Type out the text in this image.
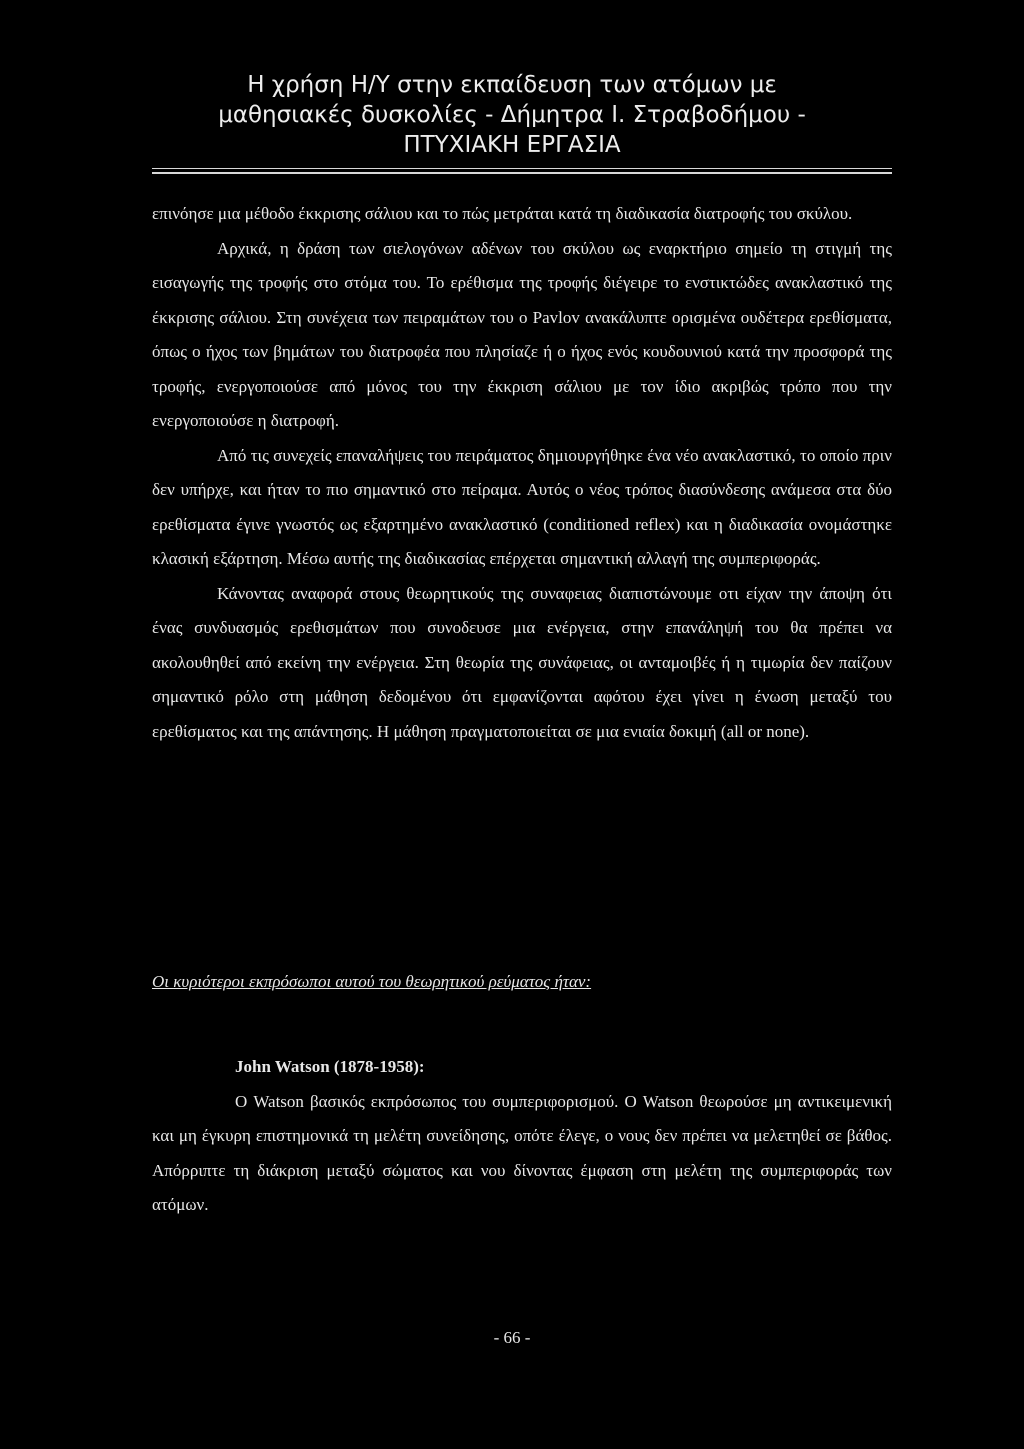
Η χρήση Η/Υ στην εκπαίδευση των ατόμων με
μαθησιακές δυσκολίες - Δήμητρα Ι. Στραβοδήμου -
ΠΤΥΧΙΑΚΗ ΕΡΓΑΣΙΑ

επινόησε μια μέθοδο έκκρισης σάλιου και το πώς μετράται κατά τη διαδικασία διατροφής του σκύλου.

Αρχικά, η δράση των σιελογόνων αδένων του σκύλου ως εναρκτήριο σημείο τη στιγμή της εισαγωγής της τροφής στο στόμα του. Το ερέθισμα της τροφής διέγειρε το ενστικτώδες ανακλαστικό της έκκρισης σάλιου. Στη συνέχεια των πειραμάτων του ο Pavlov ανακάλυπτε ορισμένα ουδέτερα ερεθίσματα, όπως ο ήχος των βημάτων του διατροφέα που πλησίαζε ή ο ήχος ενός κουδουνιού κατά την προσφορά της τροφής, ενεργοποιούσε από μόνος του την έκκριση σάλιου με τον ίδιο ακριβώς τρόπο που την ενεργοποιούσε η διατροφή.

Από τις συνεχείς επαναλήψεις του πειράματος δημιουργήθηκε ένα νέο ανακλαστικό, το οποίο πριν δεν υπήρχε, και ήταν το πιο σημαντικό στο πείραμα. Αυτός ο νέος τρόπος διασύνδεσης ανάμεσα στα δύο ερεθίσματα έγινε γνωστός ως εξαρτημένο ανακλαστικό (conditioned reflex) και η διαδικασία ονομάστηκε κλασική εξάρτηση. Μέσω αυτής της διαδικασίας επέρχεται σημαντική αλλαγή της συμπεριφοράς.

Κάνοντας αναφορά στους θεωρητικούς της συναφειας διαπιστώνουμε οτι είχαν την άποψη ότι ένας συνδυασμός ερεθισμάτων που συνοδευσε μια ενέργεια, στην επανάληψή του θα πρέπει να ακολουθηθεί από εκείνη την ενέργεια. Στη θεωρία της συνάφειας, οι ανταμοιβές ή η τιμωρία δεν παίζουν σημαντικό ρόλο στη μάθηση δεδομένου ότι εμφανίζονται αφότου έχει γίνει η ένωση μεταξύ του ερεθίσματος και της απάντησης. Η μάθηση πραγματοποιείται σε μια ενιαία δοκιμή (all or none).

Οι κυριότεροι εκπρόσωποι αυτού του θεωρητικού ρεύματος ήταν:

John Watson (1878-1958):

Ο Watson βασικός εκπρόσωπος του συμπεριφορισμού. Ο Watson θεωρούσε μη αντικειμενική και μη έγκυρη επιστημονικά τη μελέτη συνείδησης, οπότε έλεγε, ο νους δεν πρέπει να μελετηθεί σε βάθος. Απόρριπτε τη διάκριση μεταξύ σώματος και νου δίνοντας έμφαση στη μελέτη της συμπεριφοράς των ατόμων.

- 66 -
